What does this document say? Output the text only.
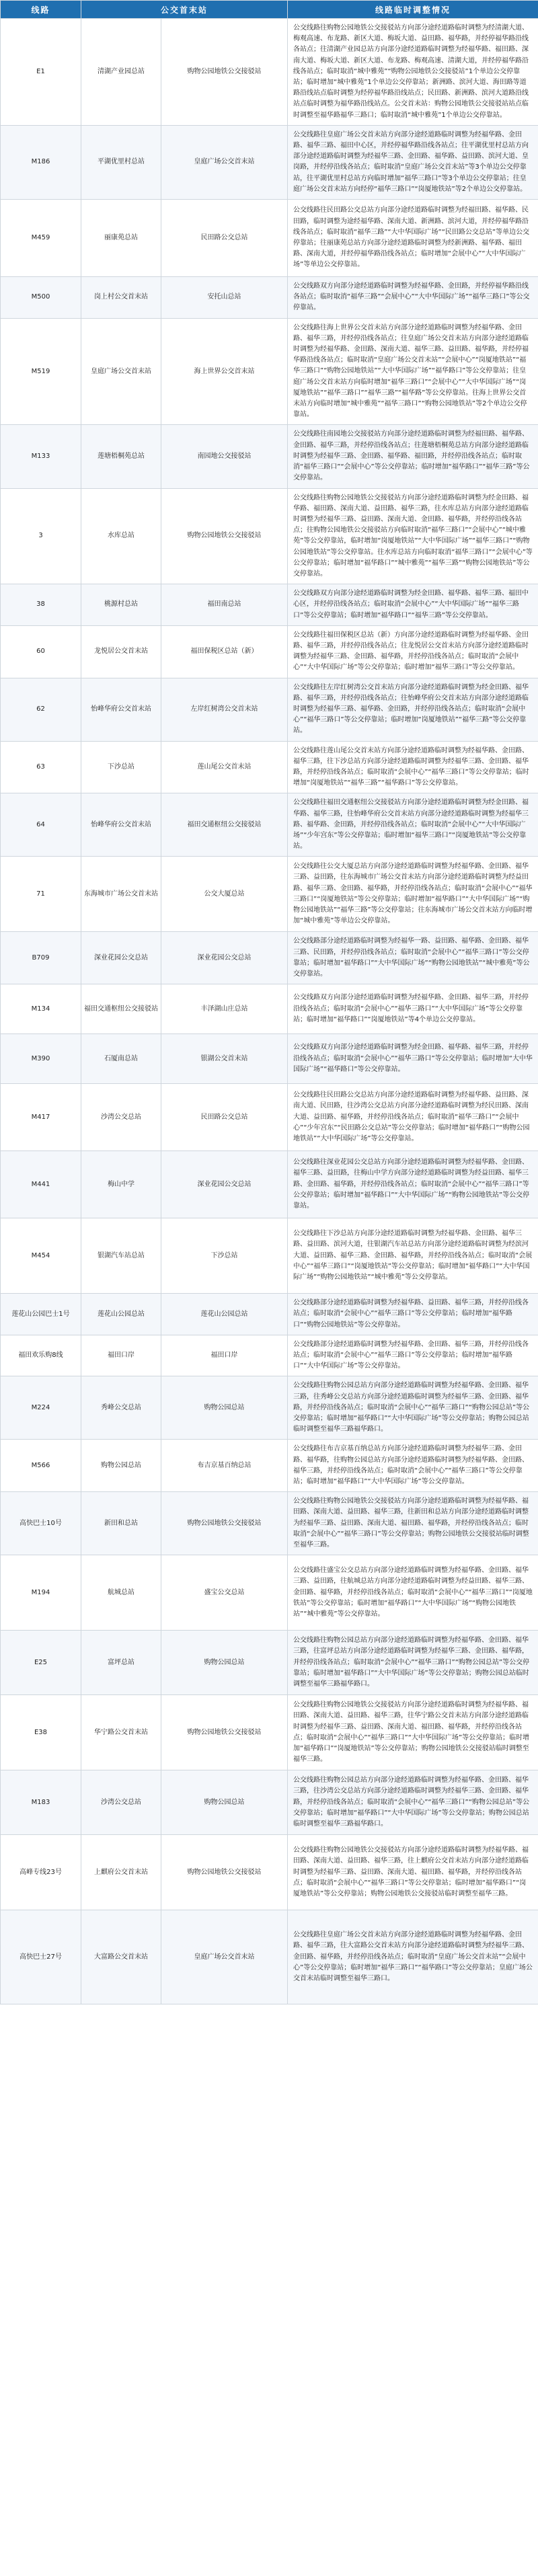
线路	公交首末站		线路临时调整情况
E1	清湖产业园总站	购物公园地铁公交接驳站	公交线路往购物公园地铁公交接驳站方向部分途经道路临时调整为经清湖大道、梅观高速、布龙路、新区大道、梅坂大道、益田路、福华路，并经停福华路沿线各站点；往清湖产业园总站方向部分途经道路临时调整为经福华路、福田路、深南大道、梅坂大道、新区大道、布龙路、梅观高速、清湖大道，并经停福华路沿线各站点；临时取消“城中雅苑”“购物公园地铁公交接驳站”1个单边公交停靠站；临时增加“城中雅苑”1个单边公交停靠站；新洲路、滨河大道、海田路等道路沿线站点临时调整为经停福华路沿线站点；民田路、新洲路、滨河大道路沿线站点临时调整为福华路沿线站点。公交首末站：购物公园地铁公交接驳站站点临时调整至福华路福华三路口；临时取消“城中雅苑”1个单边公交停靠站。
M186	平湖优里村总站	皇庭广场公交首末站	公交线路往皇庭广场公交首末站方向部分途经道路临时调整为经福华路、金田路、福华三路、福田中心区，并经停福华路沿线各站点；往平湖优里村总站方向部分途经道路临时调整为经福华三路、金田路、福华路、益田路、滨河大道、皇岗路，并经停沿线各站点；临时取消“皇庭广场公交首末站”等3个单边公交停靠站，往平湖优里村总站方向临时增加“福华三路口”等3个单边公交停靠站；往皇庭广场公交首末站方向经停“福华三路口”“岗厦地铁站”等2个单边公交停靠站。
M459	丽康苑总站	民田路公交总站	公交线路往民田路公交总站方向部分途经道路临时调整为经福田路、福华路、民田路，临时调整为途经福华路、深南大道、新洲路、滨河大道，并经停福华路沿线各站点；临时取消“福华三路”“大中华国际广场”“民田路公交总站”等单边公交停靠站；往丽康苑总站方向部分途经道路临时调整为经新洲路、福华路、福田路、深南大道，并经停福华路沿线各站点；临时增加“会展中心”“大中华国际广场”等单边公交停靠站。
M500	岗上村公交首末站	安托山总站	公交线路双方向部分途经道路临时调整为经福华路、金田路，并经停福华路沿线各站点；临时取消“福华三路”“会展中心”“大中华国际广场”“福华三路口”等公交停靠站。
M519	皇庭广场公交首末站	海上世界公交首末站	公交线路往海上世界公交首末站方向部分途经道路临时调整为经福华路、金田路、福华三路，并经停沿线各站点；往皇庭广场公交首末站方向部分途经道路临时调整为经福华路、金田路、深南大道、福华三路、益田路、福华路，并经停福华路沿线各站点；临时取消“皇庭广场公交首末站”“会展中心”“岗厦地铁站”“福华三路口”“购物公园地铁站”“大中华国际广场”“福华路口”等公交停靠站；往皇庭广场公交首末站方向临时增加“福华三路口”“会展中心”“大中华国际广场”“岗厦地铁站”“福华三路口”“福华三路”“福华路”等公交停靠站。往海上世界公交首末站方向临时增加“城中雅苑”“福华三路口”“购物公园地铁站”等2个单边公交停靠站。
M133	莲塘梧桐苑总站	南园地公交接驳站	公交线路往南园地公交接驳站方向部分途经道路临时调整为经福田路、福华路、金田路、福华三路，并经停沿线各站点；往莲塘梧桐苑总站方向部分途经道路临时调整为经福华三路、金田路、福华路、福田路，并经停沿线各站点；临时取消“福华三路口”“会展中心”等公交停靠站；临时增加“福华路口”“福华三路”等公交停靠站。
3	水库总站	购物公园地铁公交接驳站	公交线路往购物公园地铁公交接驳站方向部分途经道路临时调整为经金田路、福华路、福田路、深南大道、益田路、福华三路，往水库总站方向部分途经道路临时调整为经福华三路、益田路、深南大道、金田路、福华路，并经停沿线各站点；往购物公园地铁公交接驳站方向临时取消“福华三路口”“会展中心”“城中雅苑”等公交停靠站，临时增加“岗厦地铁站”“大中华国际广场”“福华三路口”“购物公园地铁站”等公交停靠站。往水库总站方向临时取消“福华三路口”“会展中心”等公交停靠站；临时增加“福华路口”“城中雅苑”“福华三路”“购物公园地铁站”等公交停靠站。
38	桃源村总站	福田南总站	公交线路双方向部分途经道路临时调整为经金田路、福华路、福华三路、福田中心区，并经停沿线各站点；临时取消“会展中心”“大中华国际广场”“福华三路口”等公交停靠站；临时增加“福华路口”“福华三路”等公交停靠站。
60	龙悦居公交首末站	福田保税区总站（新）	公交线路往福田保税区总站（新）方向部分途经道路临时调整为经福华路、金田路、福华三路，并经停沿线各站点；往龙悦居公交首末站方向部分途经道路临时调整为经福华三路、金田路、福华路，并经停沿线各站点；临时取消“会展中心”“大中华国际广场”等公交停靠站；临时增加“福华三路口”等公交停靠站。
62	怡峰华府公交首末站	左岸红树湾公交首末站	公交线路往左岸红树湾公交首末站方向部分途经道路临时调整为经金田路、福华路、福华三路，并经停沿线各站点；往怡峰华府公交首末站方向部分途经道路临时调整为经福华三路、福华路、金田路，并经停沿线各站点；临时取消“会展中心”“福华三路口”等公交停靠站；临时增加“岗厦地铁站”“福华三路”等公交停靠站。
63	下沙总站	莲山尾公交首末站	公交线路往莲山尾公交首末站方向部分途经道路临时调整为经福华路、金田路、福华三路，往下沙总站方向部分途经道路临时调整为经福华三路、金田路、福华路，并经停沿线各站点；临时取消“会展中心”“福华三路口”等公交停靠站；临时增加“岗厦地铁站”“福华三路”“福华路口”等公交停靠站。
64	怡峰华府公交首末站	福田交通枢纽公交接驳站	公交线路往福田交通枢纽公交接驳站方向部分途经道路临时调整为经金田路、福华路、福华三路，往怡峰华府公交首末站方向部分途经道路临时调整为经福华三路、福华路、金田路，并经停沿线各站点；临时取消“会展中心”“大中华国际广场”“少年宫东”等公交停靠站；临时增加“福华三路口”“岗厦地铁站”等公交停靠站。
71	东海城市广场公交首末站	公交大厦总站	公交线路往公交大厦总站方向部分途经道路临时调整为经福华路、金田路、福华三路、益田路，往东海城市广场公交首末站方向部分途经道路临时调整为经益田路、福华三路、金田路、福华路，并经停沿线各站点；临时取消“会展中心”“福华三路口”“岗厦地铁站”等公交停靠站；临时增加“福华路口”“大中华国际广场”“购物公园地铁站”“福华三路”等公交停靠站；往东海城市广场公交首末站方向临时增加“城中雅苑”等单边公交停靠站。
B709	深业花园公交总站	深业花园公交总站	公交线路部分途经道路临时调整为经福华一路、益田路、福华路、金田路、福华三路、民田路，并经停沿线各站点；临时取消“会展中心”“福华三路口”等公交停靠站；临时增加“福华路口”“大中华国际广场”“购物公园地铁站”“城中雅苑”等公交停靠站。
M134	福田交通枢纽公交接驳站	丰泽湖山庄总站	公交线路双方向部分途经道路临时调整为经福华路、金田路、福华三路，并经停沿线各站点；临时取消“会展中心”“福华三路口”“大中华国际广场”等公交停靠站；临时增加“福华路口”“岗厦地铁站”等4个单边公交停靠站。
M390	石厦南总站	银湖公交首末站	公交线路双方向部分途经道路临时调整为经金田路、福华路、福华三路，并经停沿线各站点；临时取消“会展中心”“福华三路口”等公交停靠站；临时增加“大中华国际广场”“福华路口”等公交停靠站。
M417	沙湾公交总站	民田路公交总站	公交线路往民田路公交总站方向部分途经道路临时调整为经福华路、益田路、深南大道、民田路，往沙湾公交总站方向部分途经道路临时调整为经民田路、深南大道、益田路、福华路，并经停沿线各站点；临时取消“福华三路口”“会展中心”“少年宫东”“民田路公交总站”等公交停靠站；临时增加“福华路口”“购物公园地铁站”“大中华国际广场”等公交停靠站。
M441	梅山中学	深业花园公交总站	公交线路往深业花园公交总站方向部分途经道路临时调整为经福华路、金田路、福华三路、益田路，往梅山中学方向部分途经道路临时调整为经益田路、福华三路、金田路、福华路，并经停沿线各站点；临时取消“会展中心”“福华三路口”等公交停靠站；临时增加“福华路口”“大中华国际广场”“购物公园地铁站”等公交停靠站。
M454	银湖汽车站总站	下沙总站	公交线路往下沙总站方向部分途经道路临时调整为经福华路、金田路、福华三路、益田路、滨河大道，往银湖汽车站总站方向部分途经道路临时调整为经滨河大道、益田路、福华三路、金田路、福华路，并经停沿线各站点；临时取消“会展中心”“福华三路口”“岗厦地铁站”等公交停靠站；临时增加“福华路口”“大中华国际广场”“购物公园地铁站”“城中雅苑”等公交停靠站。
莲花山公园巴士1号	莲花山公园总站	莲花山公园总站	公交线路部分途经道路临时调整为经福华路、益田路、福华三路，并经停沿线各站点；临时取消“会展中心”“福华三路口”等公交停靠站；临时增加“福华路口”“购物公园地铁站”等公交停靠站。
福田欢乐购8线	福田口岸	福田口岸	公交线路部分途经道路临时调整为经福华路、金田路、福华三路，并经停沿线各站点；临时取消“会展中心”“福华三路口”等公交停靠站；临时增加“福华路口”“大中华国际广场”等公交停靠站。
M224	秀峰公交总站	购物公园总站	公交线路往购物公园总站方向部分途经道路临时调整为经福华路、金田路、福华三路，往秀峰公交总站方向部分途经道路临时调整为经福华三路、金田路、福华路，并经停沿线各站点；临时取消“会展中心”“福华三路口”“购物公园总站”等公交停靠站；临时增加“福华路口”“大中华国际广场”等公交停靠站；购物公园总站临时调整至福华三路福华路口。
M566	购物公园总站	布吉京基百纳总站	公交线路往布吉京基百纳总站方向部分途经道路临时调整为经福华三路、金田路、福华路，往购物公园总站方向部分途经道路临时调整为经福华路、金田路、福华三路，并经停沿线各站点；临时取消“会展中心”“福华三路口”等公交停靠站；临时增加“福华路口”“大中华国际广场”等公交停靠站。
高快巴士10号	新田和总站	购物公园地铁公交接驳站	公交线路往购物公园地铁公交接驳站方向部分途经道路临时调整为经福华路、福田路、深南大道、益田路、福华三路，往新田和总站方向部分途经道路临时调整为经福华三路、益田路、深南大道、福田路、福华路，并经停沿线各站点；临时取消“会展中心”“福华三路口”等公交停靠站；购物公园地铁公交接驳站临时调整至福华三路。
M194	航城总站	盛宝公交总站	公交线路往盛宝公交总站方向部分途经道路临时调整为经福华路、金田路、福华三路、益田路，往航城总站方向部分途经道路临时调整为经益田路、福华三路、金田路、福华路，并经停沿线各站点；临时取消“会展中心”“福华三路口”“岗厦地铁站”等公交停靠站；临时增加“福华路口”“大中华国际广场”“购物公园地铁站”“城中雅苑”等公交停靠站。
E25	富坪总站	购物公园总站	公交线路往购物公园总站方向部分途经道路临时调整为经福华路、金田路、福华三路，往富坪总站方向部分途经道路临时调整为经福华三路、金田路、福华路，并经停沿线各站点；临时取消“会展中心”“福华三路口”“购物公园总站”等公交停靠站；临时增加“福华路口”“大中华国际广场”等公交停靠站；购物公园总站临时调整至福华三路福华路口。
E38	华宁路公交首末站	购物公园地铁公交接驳站	公交线路往购物公园地铁公交接驳站方向部分途经道路临时调整为经福华路、福田路、深南大道、益田路、福华三路，往华宁路公交首末站方向部分途经道路临时调整为经福华三路、益田路、深南大道、福田路、福华路，并经停沿线各站点；临时取消“会展中心”“福华三路口”“大中华国际广场”等公交停靠站；临时增加“福华路口”“岗厦地铁站”等公交停靠站；购物公园地铁公交接驳站临时调整至福华三路。
M183	沙湾公交总站	购物公园总站	公交线路往购物公园总站方向部分途经道路临时调整为经福华路、金田路、福华三路，往沙湾公交总站方向部分途经道路临时调整为经福华三路、金田路、福华路，并经停沿线各站点；临时取消“会展中心”“福华三路口”“购物公园总站”等公交停靠站；临时增加“福华路口”“大中华国际广场”等公交停靠站；购物公园总站临时调整至福华三路福华路口。
高峰专线23号	上麒府公交首末站	购物公园地铁公交接驳站	公交线路往购物公园地铁公交接驳站方向部分途经道路临时调整为经福华路、福田路、深南大道、益田路、福华三路，往上麒府公交首末站方向部分途经道路临时调整为经福华三路、益田路、深南大道、福田路、福华路，并经停沿线各站点；临时取消“会展中心”“福华三路口”等公交停靠站；临时增加“福华路口”“岗厦地铁站”等公交停靠站；购物公园地铁公交接驳站临时调整至福华三路。
高快巴士27号	大富路公交首末站	皇庭广场公交首末站	公交线路往皇庭广场公交首末站方向部分途经道路临时调整为经福华路、金田路、福华三路，往大富路公交首末站方向部分途经道路临时调整为经福华三路、金田路、福华路，并经停沿线各站点；临时取消“皇庭广场公交首末站”“会展中心”等公交停靠站；临时增加“福华三路口”“福华路口”等公交停靠站；皇庭广场公交首末站临时调整至福华三路口。
